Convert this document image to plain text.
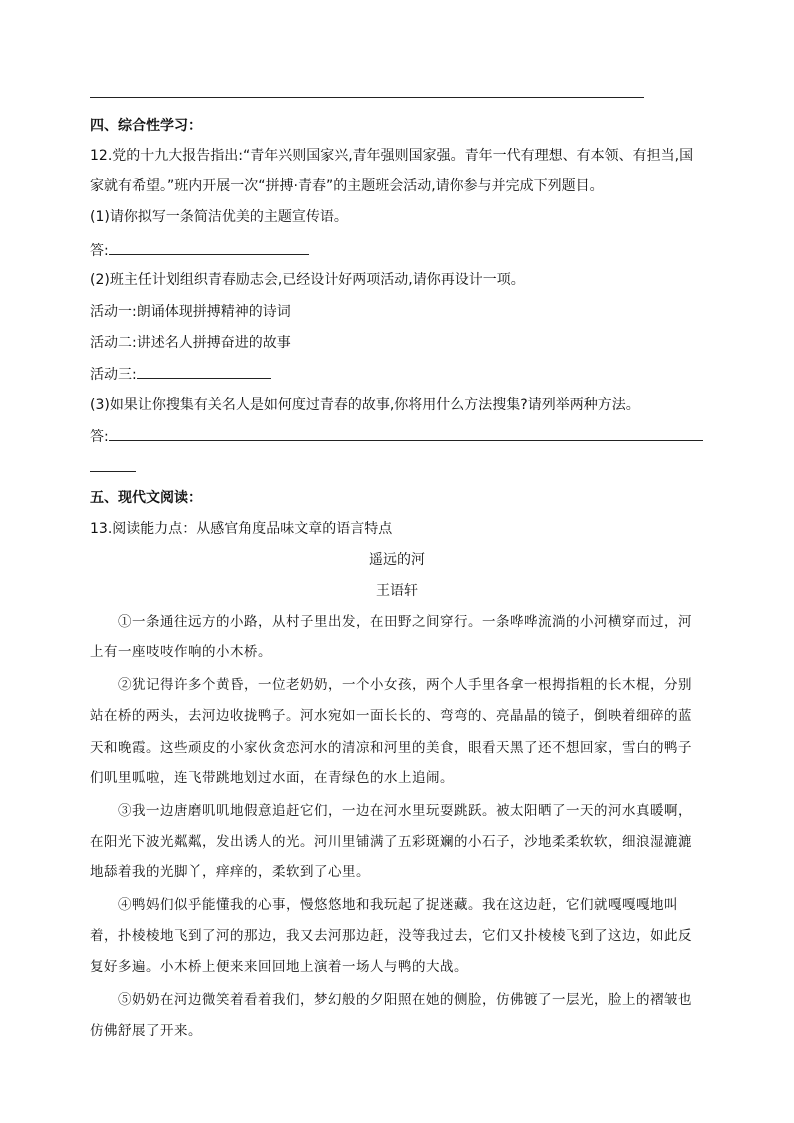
四、综合性学习：
12.党的十九大报告指出:“青年兴则国家兴,青年强则国家强。青年一代有理想、有本领、有担当,国
家就有希望。”班内开展一次“拼搏·青春”的主题班会活动,请你参与并完成下列题目。
(1)请你拟写一条简洁优美的主题宣传语。
答:
(2)班主任计划组织青春励志会,已经设计好两项活动,请你再设计一项。
活动一:朗诵体现拼搏精神的诗词
活动二:讲述名人拼搏奋进的故事
活动三:
(3)如果让你搜集有关名人是如何度过青春的故事,你将用什么方法搜集?请列举两种方法。
答:
五、现代文阅读：
13.阅读能力点：从感官角度品味文章的语言特点
遥远的河
王语轩
①一条通往远方的小路，从村子里出发，在田野之间穿行。一条哗哗流淌的小河横穿而过，河
上有一座吱吱作响的小木桥。
②犹记得许多个黄昏，一位老奶奶，一个小女孩，两个人手里各拿一根拇指粗的长木棍，分别
站在桥的两头，去河边收拢鸭子。河水宛如一面长长的、弯弯的、亮晶晶的镜子，倒映着细碎的蓝
天和晚霞。这些顽皮的小家伙贪恋河水的清凉和河里的美食，眼看天黑了还不想回家，雪白的鸭子
们叽里呱啦，连飞带跳地划过水面，在青绿色的水上追闹。
③我一边唐磨叽叽地假意追赶它们，一边在河水里玩耍跳跃。被太阳晒了一天的河水真暖啊，
在阳光下波光粼粼，发出诱人的光。河川里铺满了五彩斑斓的小石子，沙地柔柔软软，细浪湿漉漉
地舔着我的光脚丫，痒痒的，柔软到了心里。
④鸭妈们似乎能懂我的心事，慢悠悠地和我玩起了捉迷藏。我在这边赶，它们就嘎嘎嘎地叫
着，扑棱棱地飞到了河的那边，我又去河那边赶，没等我过去，它们又扑棱棱飞到了这边，如此反
复好多遍。小木桥上便来来回回地上演着一场人与鸭的大战。
⑤奶奶在河边微笑着看着我们，梦幻般的夕阳照在她的侧脸，仿佛镀了一层光，脸上的褶皱也
仿佛舒展了开来。
